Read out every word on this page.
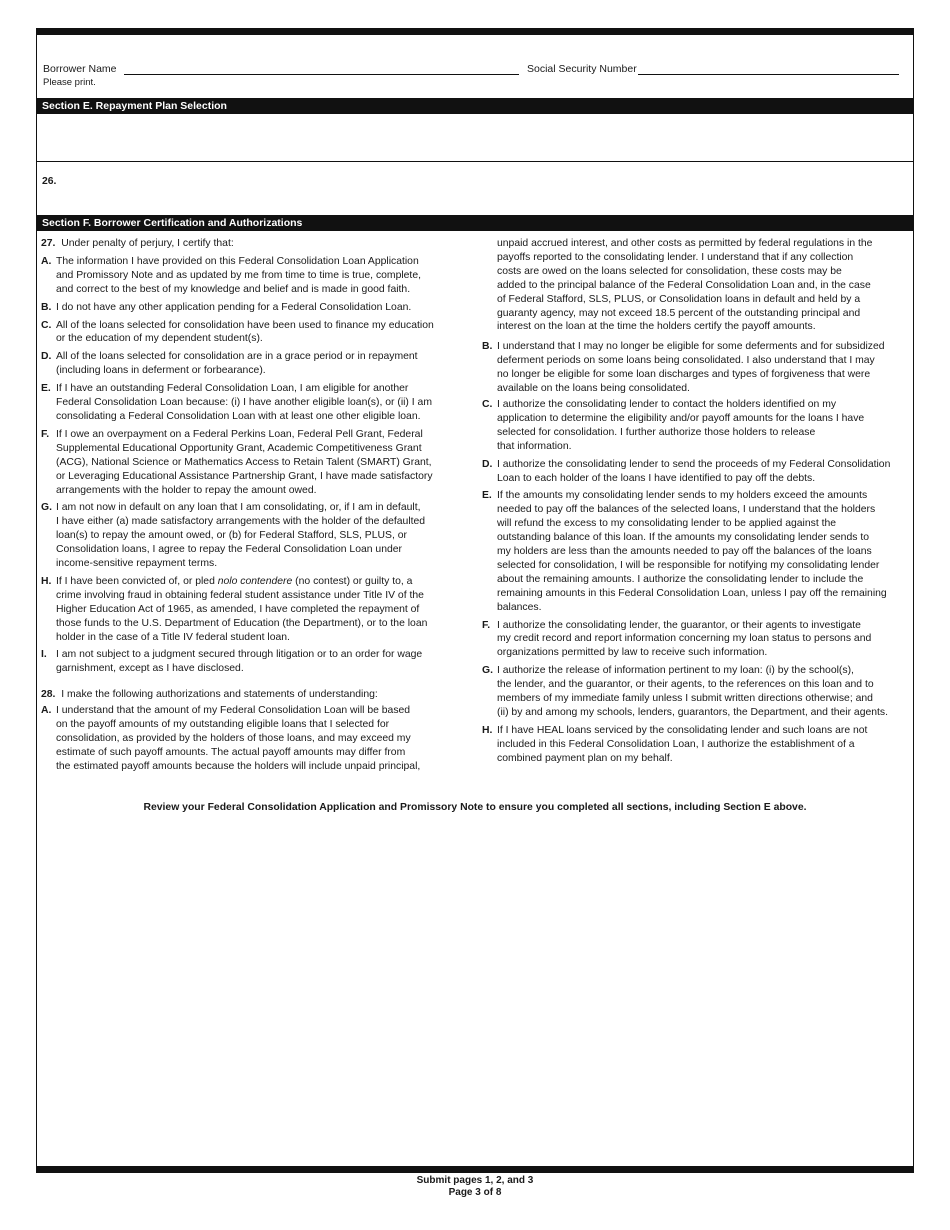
Borrower Name
Please print.
Social Security Number
Section E. Repayment Plan Selection
26.
Section F. Borrower Certification and Authorizations

27. Under penalty of perjury, I certify that:

A. The information I have provided on this Federal Consolidation Loan Application
and Promissory Note and as updated by me from time to time is true, complete,
and correct to the best of my knowledge and belief and is made in good faith.
B. I do not have any other application pending for a Federal Consolidation Loan.
C. All of the loans selected for consolidation have been used to finance my education
or the education of my dependent student(s).
D. All of the loans selected for consolidation are in a grace period or in repayment
(including loans in deferment or forbearance).
E. If I have an outstanding Federal Consolidation Loan, I am eligible for another
Federal Consolidation Loan because: (i) I have another eligible loan(s), or (ii) I am
consolidating a Federal Consolidation Loan with at least one other eligible loan.
F. If I owe an overpayment on a Federal Perkins Loan, Federal Pell Grant, Federal
Supplemental Educational Opportunity Grant, Academic Competitiveness Grant
(ACG), National Science or Mathematics Access to Retain Talent (SMART) Grant,
or Leveraging Educational Assistance Partnership Grant, I have made satisfactory
arrangements with the holder to repay the amount owed.
G. I am not now in default on any loan that I am consolidating, or, if I am in default,
I have either (a) made satisfactory arrangements with the holder of the defaulted
loan(s) to repay the amount owed, or (b) for Federal Stafford, SLS, PLUS, or
Consolidation loans, I agree to repay the Federal Consolidation Loan under
income-sensitive repayment terms.
H. If I have been convicted of, or pled nolo contendere (no contest) or guilty to, a
crime involving fraud in obtaining federal student assistance under Title IV of the
Higher Education Act of 1965, as amended, I have completed the repayment of
those funds to the U.S. Department of Education (the Department), or to the loan
holder in the case of a Title IV federal student loan.
I. I am not subject to a judgment secured through litigation or to an order for wage
garnishment, except as I have disclosed.

28. I make the following authorizations and statements of understanding:

A. I understand that the amount of my Federal Consolidation Loan will be based
on the payoff amounts of my outstanding eligible loans that I selected for
consolidation, as provided by the holders of those loans, and may exceed my
estimate of such payoff amounts. The actual payoff amounts may differ from
the estimated payoff amounts because the holders will include unpaid principal,
unpaid accrued interest, and other costs as permitted by federal regulations in the
payoffs reported to the consolidating lender. I understand that if any collection
costs are owed on the loans selected for consolidation, these costs may be
added to the principal balance of the Federal Consolidation Loan and, in the case
of Federal Stafford, SLS, PLUS, or Consolidation loans in default and held by a
guaranty agency, may not exceed 18.5 percent of the outstanding principal and
interest on the loan at the time the holders certify the payoff amounts.
B. I understand that I may no longer be eligible for some deferments and for subsidized
deferment periods on some loans being consolidated. I also understand that I may
no longer be eligible for some loan discharges and types of forgiveness that were
available on the loans being consolidated.
C. I authorize the consolidating lender to contact the holders identified on my
application to determine the eligibility and/or payoff amounts for the loans I have
selected for consolidation. I further authorize those holders to release
that information.
D. I authorize the consolidating lender to send the proceeds of my Federal Consolidation
Loan to each holder of the loans I have identified to pay off the debts.
E. If the amounts my consolidating lender sends to my holders exceed the amounts
needed to pay off the balances of the selected loans, I understand that the holders
will refund the excess to my consolidating lender to be applied against the
outstanding balance of this loan. If the amounts my consolidating lender sends to
my holders are less than the amounts needed to pay off the balances of the loans
selected for consolidation, I will be responsible for notifying my consolidating lender
about the remaining amounts. I authorize the consolidating lender to include the
remaining amounts in this Federal Consolidation Loan, unless I pay off the remaining
balances.
F. I authorize the consolidating lender, the guarantor, or their agents to investigate
my credit record and report information concerning my loan status to persons and
organizations permitted by law to receive such information.
G. I authorize the release of information pertinent to my loan: (i) by the school(s),
the lender, and the guarantor, or their agents, to the references on this loan and to
members of my immediate family unless I submit written directions otherwise; and
(ii) by and among my schools, lenders, guarantors, the Department, and their agents.
H. If I have HEAL loans serviced by the consolidating lender and such loans are not
included in this Federal Consolidation Loan, I authorize the establishment of a
combined payment plan on my behalf.
Review your Federal Consolidation Application and Promissory Note to ensure you completed all sections, including Section E above.
Submit pages 1, 2, and 3
Page 3 of 8
